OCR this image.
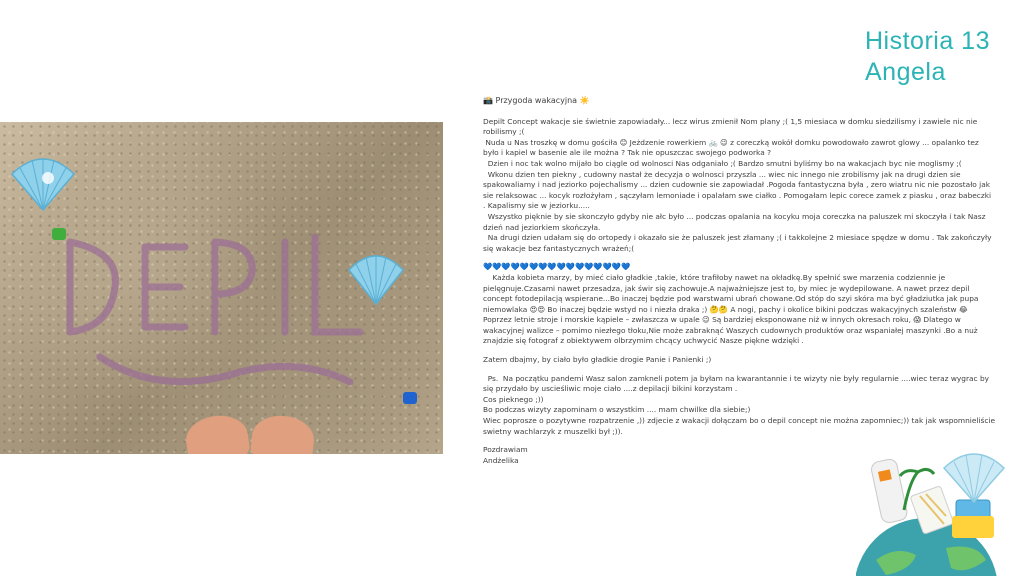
Historia 13
Angela

📸 Przygoda wakacyjna ☀️

Depilt Concept wakacje sie świetnie zapowiadały... lecz wirus zmienił Nom plany ;( 1,5 miesiaca w domku siedzilismy i zawiele nic nie robilismy ;(

Nuda u Nas troszkę w domu gościła 😊 Jeżdzenie rowerkiem 🚲 😉 z coreczką wokół domku powodowało zawrot glowy ... opalanko tez było i kapiel w basenie ale ile można ? Tak nie opuszczac swojego podworka ?

Dzien i noc tak wolno mijało bo ciągle od wolnosci Nas odganiało ;( Bardzo smutni byliśmy bo na wakacjach byc nie moglismy ;(

Wkonu dzien ten piekny , cudowny nastał że decyzja o wolnosci przyszla ... wiec nic innego nie zrobilismy jak na drugi dzien sie spakowaliamy i nad jeziorko pojechalismy ... dzien cudownie sie zapowiadał .Pogoda fantastyczna była , zero wiatru nic nie pozostało jak sie relaksowac ... kocyk rozłożyłam , sączyłam lemoniade i opalałam swe ciałko . Pomogałam lepic corece zamek z piasku , oraz babeczki . Kapalismy sie w jeziorku.....

Wszystko pięknie by sie skonczyło gdyby nie ałc było ... podczas opalania na kocyku moja coreczka na paluszek mi skoczyła i tak Nasz dzień nad jeziorkiem skończyła.

Na drugi dzien udałam się do ortopedy i okazało sie że paluszek jest złamany ;( i takkolejne 2 miesiace spędze w domu . Tak zakończyły się wakacje bez fantastycznych wrażeń;(

💙💙💙💙💙💙💙💙💙💙💙💙💙💙💙💙

Każda kobieta marzy, by mieć ciało gładkie ,takie, które trafiłoby nawet na okładkę.By spełnić swe marzenia codziennie je pielęgnuje.Czasami nawet przesadza, jak świr się zachowuje.A najważniejsze jest to, by miec je wydepilowane. A nawet przez depil concept fotodepilacją wspierane...Bo inaczej będzie pod warstwami ubrań chowane.Od stóp do szyi skóra ma być gładziutka jak pupa niemowlaka 😍😍 Bo inaczej będzie wstyd no i niezła draka ;) 🤔🤔 A nogi, pachy i okolice bikini podczas wakacyjnych szaleństw 😂 Poprzez letnie stroje i morskie kąpiele – zwłaszcza w upale 😉 Są bardziej eksponowane niż w innych okresach roku, 😱 Dlatego w wakacyjnej walizce – pomimo niezłego tłoku,Nie może zabraknąć Waszych cudownych produktów oraz wspaniałej maszynki .Bo a nuż znajdzie się fotograf z obiektywem olbrzymim chcący uchwycić Nasze piękne wdzięki .

Zatem dbajmy, by ciało było gładkie drogie Panie i Panienki ;)

Ps.  Na początku pandemi Wasz salon zamkneli potem ja byłam na kwarantannie i te wizyty nie były regularnie ....wiec teraz wygrac by się przydało by uscieśliwic moje ciało ....z depilacji bikini korzystam .

Cos pieknego ;))

Bo podczas wizyty zapominam o wszystkim .... mam chwilke dla siebie;)

Wiec poprosze o pozytywne rozpatrzenie ,)) zdjecie z wakacji dołączam bo o depil concept nie można zapomniec;)) tak jak wspomnieliście swietny wachlarzyk z muszelki był ;)).

Pozdrawiam

Andżelika
